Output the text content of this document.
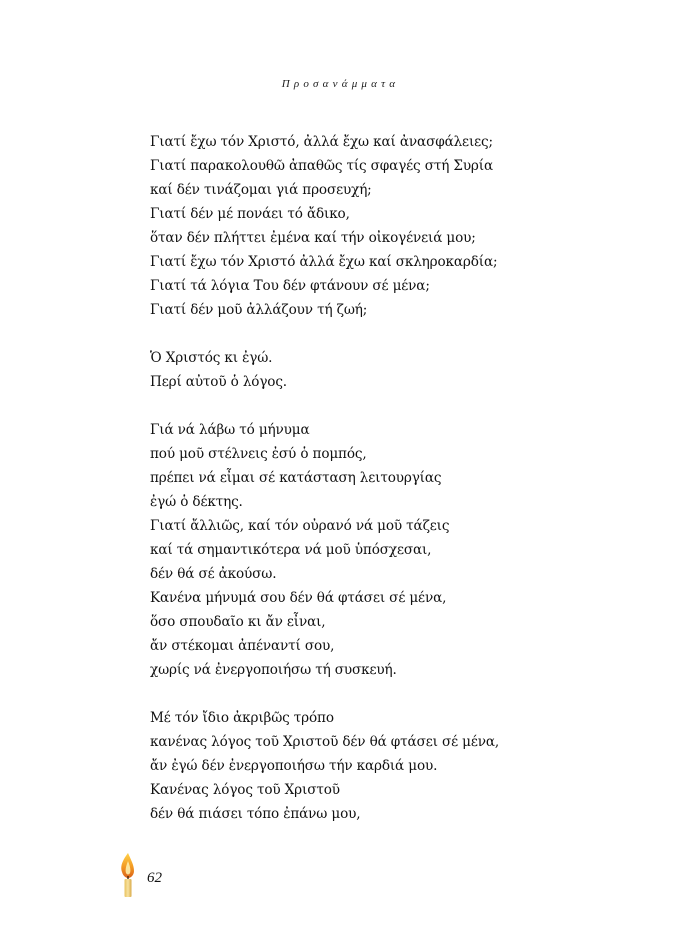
Προσανάμματα
Γιατί ἔχω τόν Χριστό, ἀλλά ἔχω καί ἀνασφάλειες;
Γιατί παρακολουθῶ ἀπαθῶς τίς σφαγές στή Συρία
καί δέν τινάζομαι γιά προσευχή;
Γιατί δέν μέ πονάει τό ἄδικο,
ὅταν δέν πλήττει ἐμένα καί τήν οἰκογένειά μου;
Γιατί ἔχω τόν Χριστό ἀλλά ἔχω καί σκληροκαρδία;
Γιατί τά λόγια Του δέν φτάνουν σέ μένα;
Γιατί δέν μοῦ ἀλλάζουν τή ζωή;
Ὁ Χριστός κι ἐγώ.
Περί αὐτοῦ ὁ λόγος.
Γιά νά λάβω τό μήνυμα
πού μοῦ στέλνεις ἐσύ ὁ πομπός,
πρέπει νά εἶμαι σέ κατάσταση λειτουργίας
ἐγώ ὁ δέκτης.
Γιατί ἄλλιῶς, καί τόν οὐρανό νά μοῦ τάζεις
καί τά σημαντικότερα νά μοῦ ὑπόσχεσαι,
δέν θά σέ ἀκούσω.
Κανένα μήνυμά σου δέν θά φτάσει σέ μένα,
ὅσο σπουδαῖο κι ἄν εἶναι,
ἄν στέκομαι ἀπέναντί σου,
χωρίς νά ἐνεργοποιήσω τή συσκευή.
Μέ τόν ἴδιο ἀκριβῶς τρόπο
κανένας λόγος τοῦ Χριστοῦ δέν θά φτάσει σέ μένα,
ἄν ἐγώ δέν ἐνεργοποιήσω τήν καρδιά μου.
Κανένας λόγος τοῦ Χριστοῦ
δέν θά πιάσει τόπο ἐπάνω μου,
62
